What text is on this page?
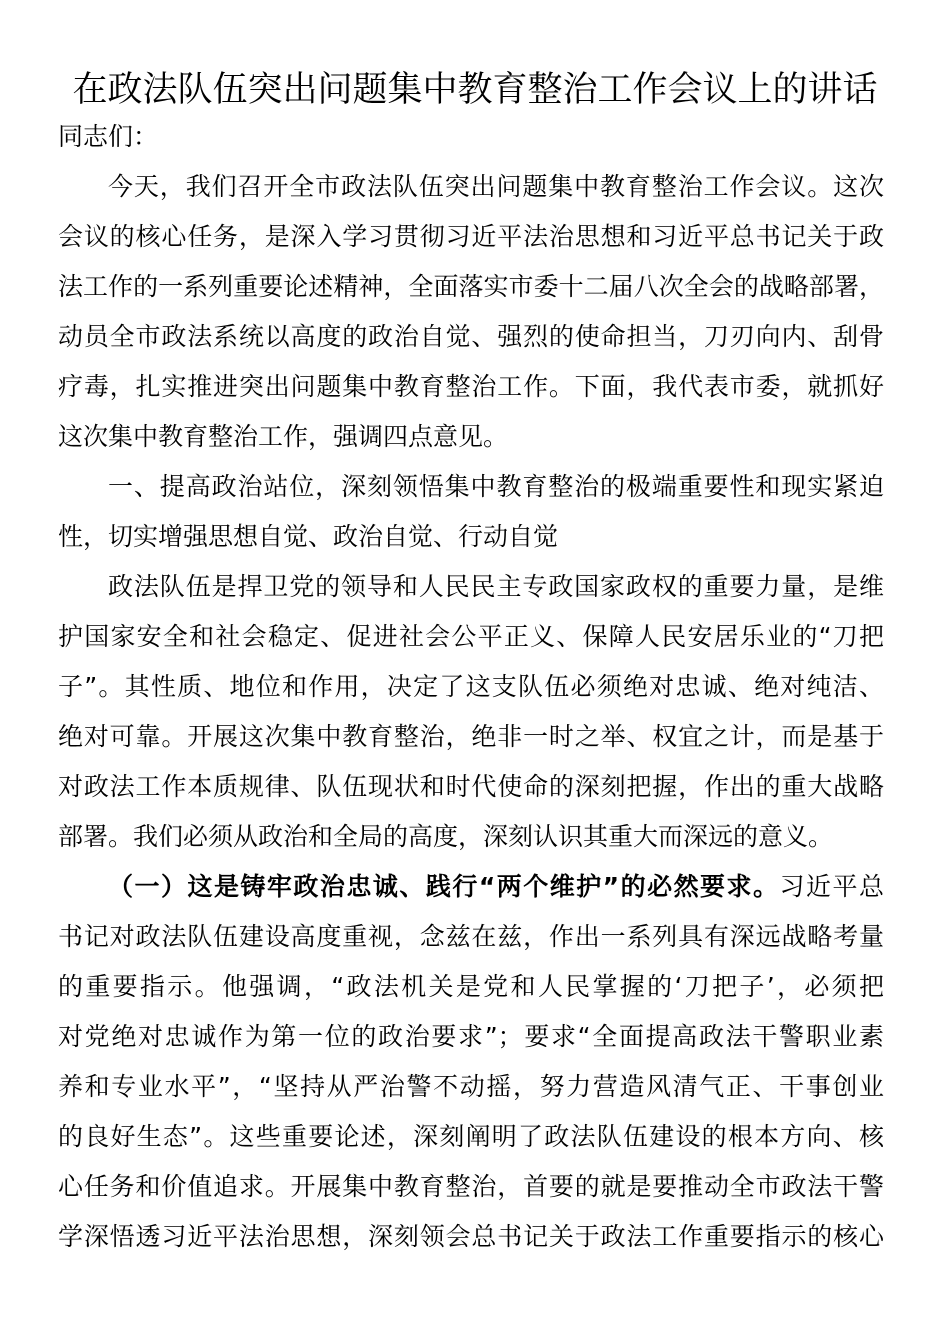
在政法队伍突出问题集中教育整治工作会议上的讲话
同志们：
今天，我们召开全市政法队伍突出问题集中教育整治工作会议。这次
会议的核心任务，是深入学习贯彻习近平法治思想和习近平总书记关于政
法工作的一系列重要论述精神，全面落实市委十二届八次全会的战略部署，
动员全市政法系统以高度的政治自觉、强烈的使命担当，刀刃向内、刮骨
疗毒，扎实推进突出问题集中教育整治工作。下面，我代表市委，就抓好
这次集中教育整治工作，强调四点意见。
一、提高政治站位，深刻领悟集中教育整治的极端重要性和现实紧迫
性，切实增强思想自觉、政治自觉、行动自觉
政法队伍是捍卫党的领导和人民民主专政国家政权的重要力量，是维
护国家安全和社会稳定、促进社会公平正义、保障人民安居乐业的“刀把
子”。其性质、地位和作用，决定了这支队伍必须绝对忠诚、绝对纯洁、
绝对可靠。开展这次集中教育整治，绝非一时之举、权宜之计，而是基于
对政法工作本质规律、队伍现状和时代使命的深刻把握，作出的重大战略
部署。我们必须从政治和全局的高度，深刻认识其重大而深远的意义。
（一）这是铸牢政治忠诚、践行“两个维护”的必然要求。习近平总
书记对政法队伍建设高度重视，念兹在兹，作出一系列具有深远战略考量
的重要指示。他强调，“政法机关是党和人民掌握的‘刀把子’，必须把
对党绝对忠诚作为第一位的政治要求”；要求“全面提高政法干警职业素
养和专业水平”，“坚持从严治警不动摇，努力营造风清气正、干事创业
的良好生态”。这些重要论述，深刻阐明了政法队伍建设的根本方向、核
心任务和价值追求。开展集中教育整治，首要的就是要推动全市政法干警
学深悟透习近平法治思想，深刻领会总书记关于政法工作重要指示的核心
